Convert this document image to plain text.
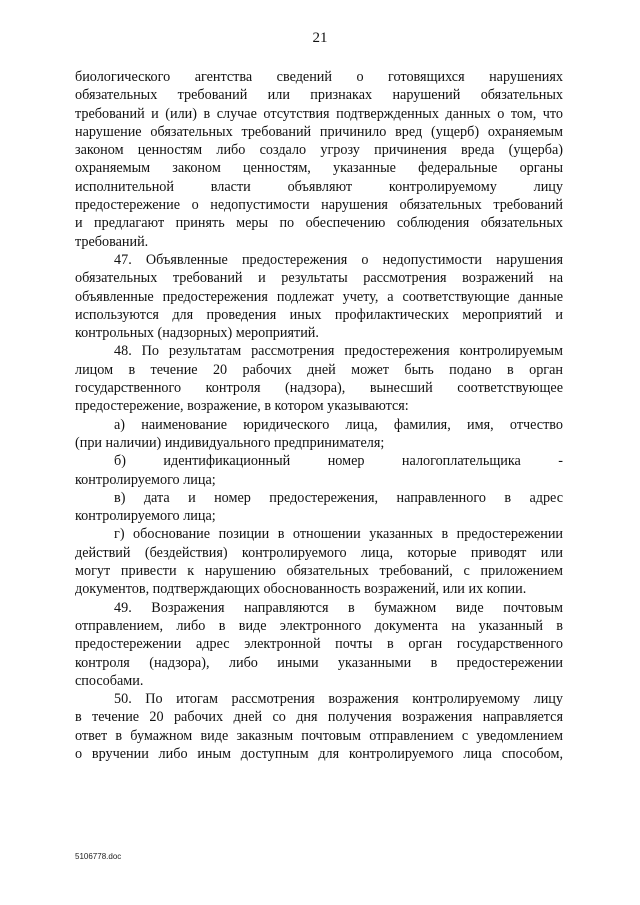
21
биологического агентства сведений о готовящихся нарушениях
обязательных требований или признаках нарушений обязательных
требований и (или) в случае отсутствия подтвержденных данных о том, что
нарушение обязательных требований причинило вред (ущерб) охраняемым
законом ценностям либо создало угрозу причинения вреда (ущерба)
охраняемым законом ценностям, указанные федеральные органы
исполнительной власти объявляют контролируемому лицу
предостережение о недопустимости нарушения обязательных требований
и предлагают принять меры по обеспечению соблюдения обязательных
требований.
47. Объявленные предостережения о недопустимости нарушения
обязательных требований и результаты рассмотрения возражений на
объявленные предостережения подлежат учету, а соответствующие данные
используются для проведения иных профилактических мероприятий и
контрольных (надзорных) мероприятий.
48. По результатам рассмотрения предостережения контролируемым
лицом в течение 20 рабочих дней может быть подано в орган
государственного контроля (надзора), вынесший соответствующее
предостережение, возражение, в котором указываются:
а) наименование юридического лица, фамилия, имя, отчество
(при наличии) индивидуального предпринимателя;
б) идентификационный номер налогоплательщика -
контролируемого лица;
в) дата и номер предостережения, направленного в адрес
контролируемого лица;
г) обоснование позиции в отношении указанных в предостережении
действий (бездействия) контролируемого лица, которые приводят или
могут привести к нарушению обязательных требований, с приложением
документов, подтверждающих обоснованность возражений, или их копии.
49. Возражения направляются в бумажном виде почтовым
отправлением, либо в виде электронного документа на указанный в
предостережении адрес электронной почты в орган государственного
контроля (надзора), либо иными указанными в предостережении
способами.
50. По итогам рассмотрения возражения контролируемому лицу
в течение 20 рабочих дней со дня получения возражения направляется
ответ в бумажном виде заказным почтовым отправлением с уведомлением
о вручении либо иным доступным для контролируемого лица способом,
5106778.doc
